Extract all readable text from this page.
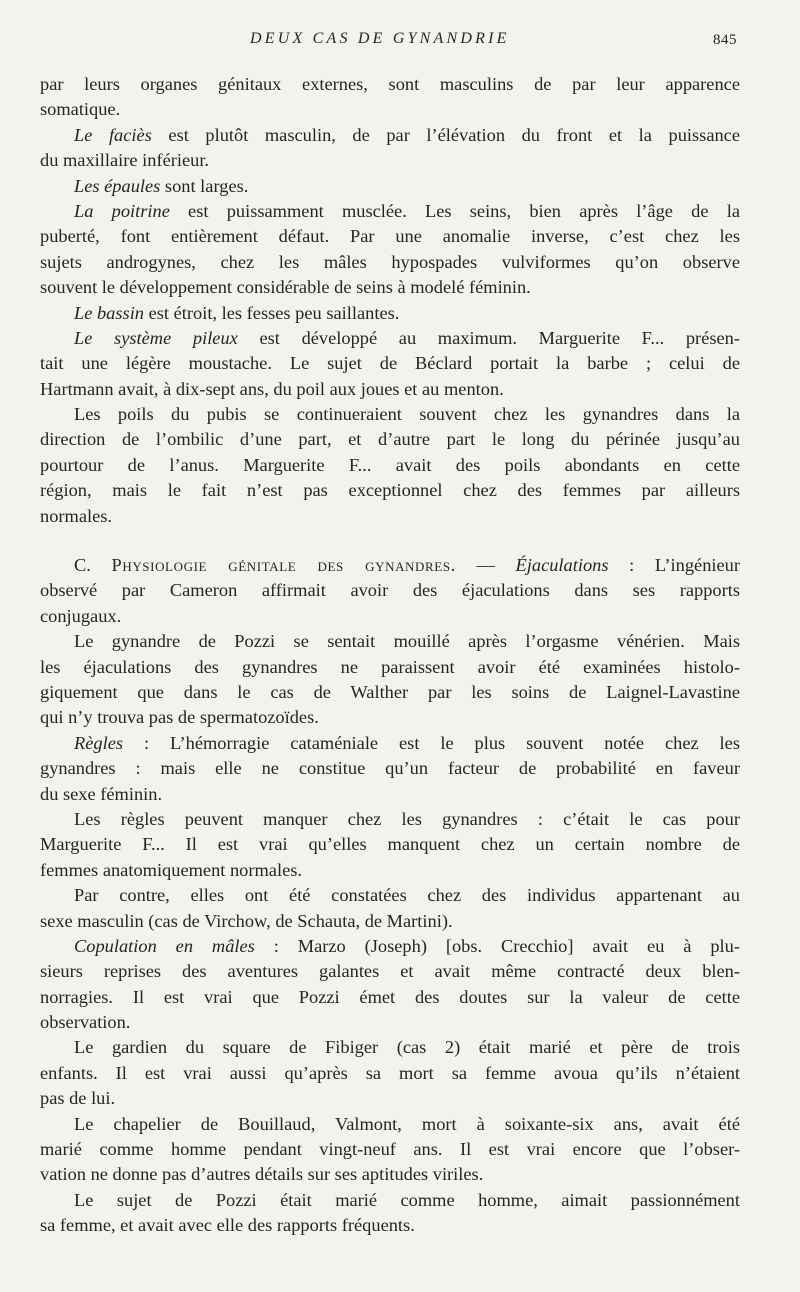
DEUX CAS DE GYNANDRIE	845
par leurs organes génitaux externes, sont masculins de par leur apparence
somatique.
Le faciès est plutôt masculin, de par l’élévation du front et la puissance
du maxillaire inférieur.
Les épaules sont larges.
La poitrine est puissamment musclée. Les seins, bien après l’âge de la
puberté, font entièrement défaut. Par une anomalie inverse, c’est chez les
sujets androgynes, chez les mâles hypospades vulviformes qu’on observe
souvent le développement considérable de seins à modelé féminin.
Le bassin est étroit, les fesses peu saillantes.
Le système pileux est développé au maximum. Marguerite F... présen-
tait une légère moustache. Le sujet de Béclard portait la barbe ; celui de
Hartmann avait, à dix-sept ans, du poil aux joues et au menton.
Les poils du pubis se continueraient souvent chez les gynandres dans la
direction de l’ombilic d’une part, et d’autre part le long du périnée jusqu’au
pourtour de l’anus. Marguerite F... avait des poils abondants en cette
région, mais le fait n’est pas exceptionnel chez des femmes par ailleurs
normales.
C. Physiologie génitale des gynandres. — Éjaculations : L’ingénieur
observé par Cameron affirmait avoir des éjaculations dans ses rapports
conjugaux.
Le gynandre de Pozzi se sentait mouillé après l’orgasme vénérien. Mais
les éjaculations des gynandres ne paraissent avoir été examinées histolo-
giquement que dans le cas de Walther par les soins de Laignel-Lavastine
qui n’y trouva pas de spermatozoïdes.
Règles : L’hémorragie cataméniale est le plus souvent notée chez les
gynandres : mais elle ne constitue qu’un facteur de probabilité en faveur
du sexe féminin.
Les règles peuvent manquer chez les gynandres : c’était le cas pour
Marguerite F... Il est vrai qu’elles manquent chez un certain nombre de
femmes anatomiquement normales.
Par contre, elles ont été constatées chez des individus appartenant au
sexe masculin (cas de Virchow, de Schauta, de Martini).
Copulation en mâles : Marzo (Joseph) [obs. Crecchio] avait eu à plu-
sieurs reprises des aventures galantes et avait même contracté deux blen-
norragies. Il est vrai que Pozzi émet des doutes sur la valeur de cette
observation.
Le gardien du square de Fibiger (cas 2) était marié et père de trois
enfants. Il est vrai aussi qu’après sa mort sa femme avoua qu’ils n’étaient
pas de lui.
Le chapelier de Bouillaud, Valmont, mort à soixante-six ans, avait été
marié comme homme pendant vingt-neuf ans. Il est vrai encore que l’obser-
vation ne donne pas d’autres détails sur ses aptitudes viriles.
Le sujet de Pozzi était marié comme homme, aimait passionnément
sa femme, et avait avec elle des rapports fréquents.
